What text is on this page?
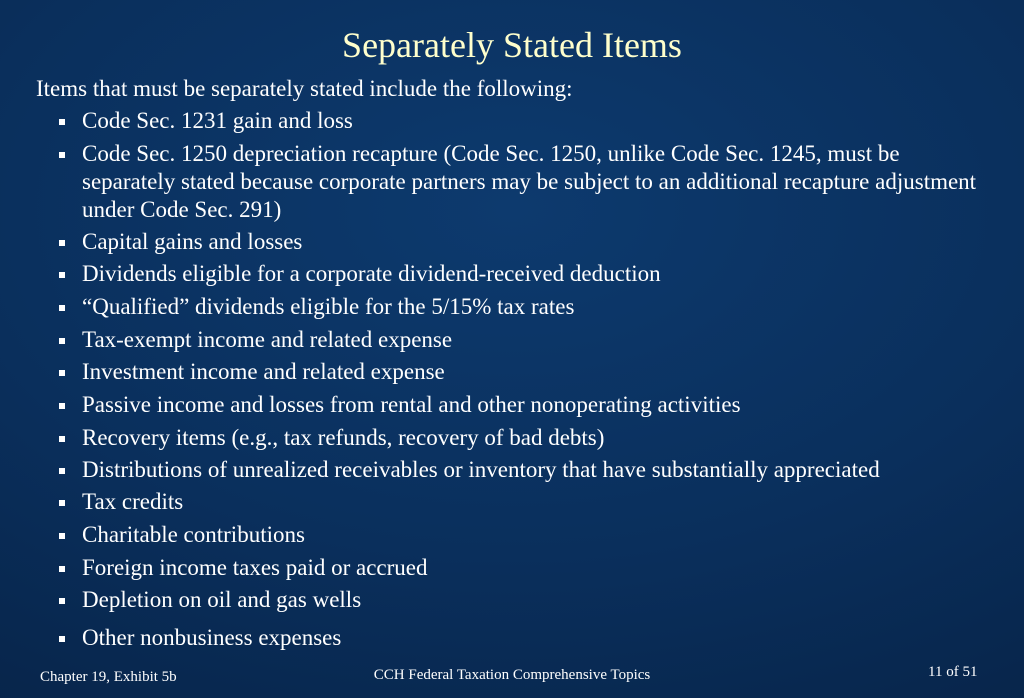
Separately Stated Items
Items that must be separately stated include the following:
Code Sec. 1231 gain and loss
Code Sec. 1250 depreciation recapture (Code Sec. 1250, unlike Code Sec. 1245, must be separately stated because corporate partners may be subject to an additional recapture adjustment under Code Sec. 291)
Capital gains and losses
Dividends eligible for a corporate dividend-received deduction
“Qualified” dividends eligible for the 5/15% tax rates
Tax-exempt income and related expense
Investment income and related expense
Passive income and losses from rental and other nonoperating activities
Recovery items (e.g., tax refunds, recovery of bad debts)
Distributions of unrealized receivables or inventory that have substantially appreciated
Tax credits
Charitable contributions
Foreign income taxes paid or accrued
Depletion on oil and gas wells
Other nonbusiness expenses
Chapter 19, Exhibit 5b	CCH Federal Taxation Comprehensive Topics	11 of 51
